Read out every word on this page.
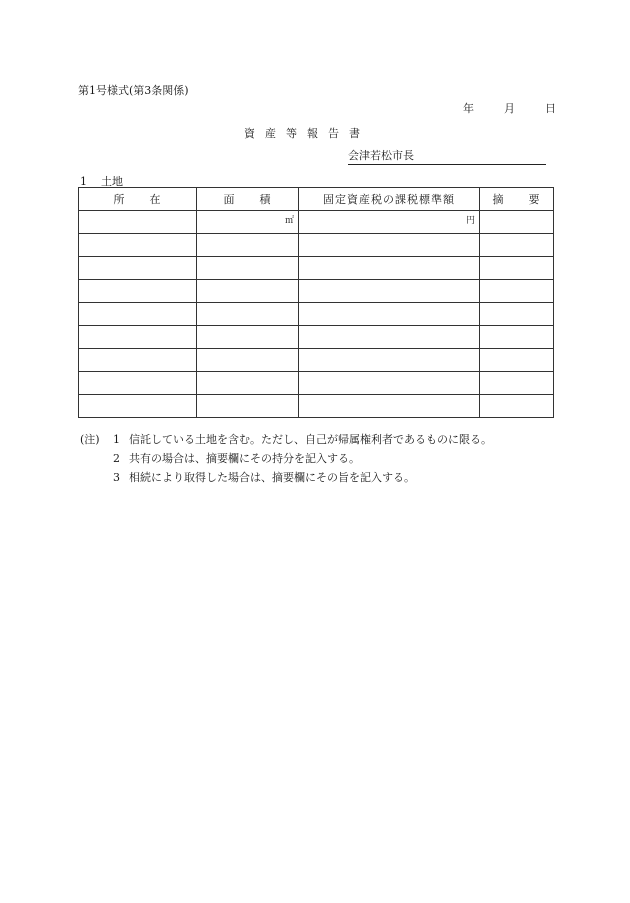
第1号様式(第3条関係)
年	月	日
資 産 等 報 告 書
会津若松市長
1 土地
所　　在	面　　積	固定資産税の課税標準額	摘　　要
	㎡	円	

(注)	1 信託している土地を含む。ただし、自己が帰属権利者であるものに限る。
2 共有の場合は、摘要欄にその持分を記入する。
3 相続により取得した場合は、摘要欄にその旨を記入する。
